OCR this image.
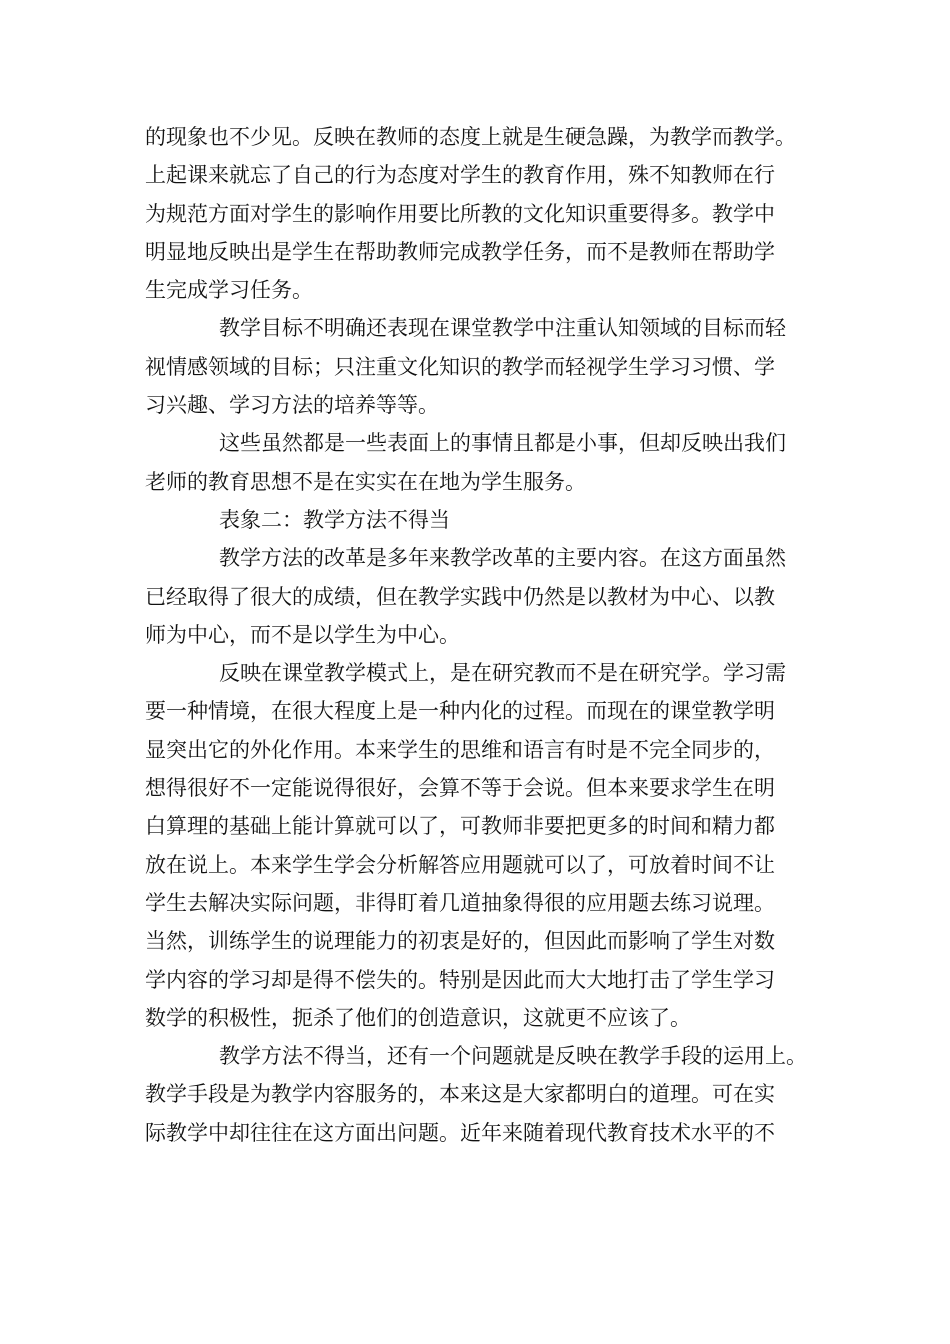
的现象也不少见。反映在教师的态度上就是生硬急躁，为教学而教学。
上起课来就忘了自己的行为态度对学生的教育作用，殊不知教师在行
为规范方面对学生的影响作用要比所教的文化知识重要得多。教学中
明显地反映出是学生在帮助教师完成教学任务，而不是教师在帮助学
生完成学习任务。
教学目标不明确还表现在课堂教学中注重认知领域的目标而轻
视情感领域的目标；只注重文化知识的教学而轻视学生学习习惯、学
习兴趣、学习方法的培养等等。
这些虽然都是一些表面上的事情且都是小事，但却反映出我们
老师的教育思想不是在实实在在地为学生服务。
表象二：教学方法不得当
教学方法的改革是多年来教学改革的主要内容。在这方面虽然
已经取得了很大的成绩，但在教学实践中仍然是以教材为中心、以教
师为中心，而不是以学生为中心。
反映在课堂教学模式上，是在研究教而不是在研究学。学习需
要一种情境，在很大程度上是一种内化的过程。而现在的课堂教学明
显突出它的外化作用。本来学生的思维和语言有时是不完全同步的，
想得很好不一定能说得很好，会算不等于会说。但本来要求学生在明
白算理的基础上能计算就可以了，可教师非要把更多的时间和精力都
放在说上。本来学生学会分析解答应用题就可以了，可放着时间不让
学生去解决实际问题，非得盯着几道抽象得很的应用题去练习说理。
当然，训练学生的说理能力的初衷是好的，但因此而影响了学生对数
学内容的学习却是得不偿失的。特别是因此而大大地打击了学生学习
数学的积极性，扼杀了他们的创造意识，这就更不应该了。
教学方法不得当，还有一个问题就是反映在教学手段的运用上。
教学手段是为教学内容服务的，本来这是大家都明白的道理。可在实
际教学中却往往在这方面出问题。近年来随着现代教育技术水平的不
